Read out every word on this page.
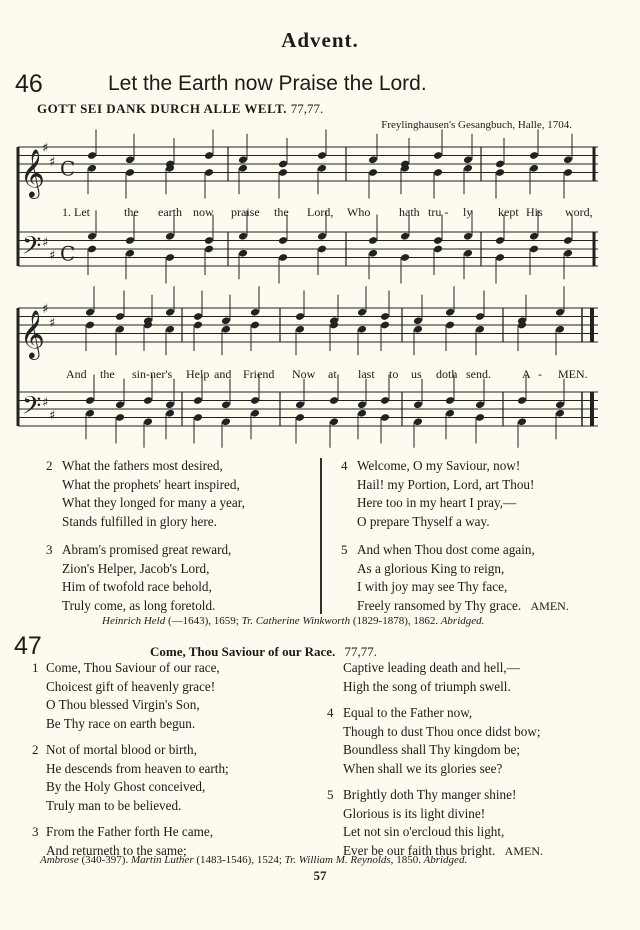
Advent.
46	Let the Earth now Praise the Lord.
GOTT SEI DANK DURCH ALLE WELT. 77,77.
Freylinghausen's Gesangbuch, Halle, 1704.
𝄞
♯
♯
𝄢 ♯
♯
𝄞
♯
♯
𝄢 ♯
♯
C
C
1. Let	the earth now praise the Lord, Who hath tru - ly kept His word,
And the sin-ner's Help and Friend Now at last to us doth send.	A - MEN.
2 What the fathers most desired,
What the prophets' heart inspired,
What they longed for many a year,
Stands fulfilled in glory here.
3 Abram's promised great reward,
Zion's Helper, Jacob's Lord,
Him of twofold race behold,
Truly come, as long foretold.
4 Welcome, O my Saviour, now!
Hail! my Portion, Lord, art Thou!
Here too in my heart I pray,—
O prepare Thyself a way.
5 And when Thou dost come again,
As a glorious King to reign,
I with joy may see Thy face,
Freely ransomed by Thy grace. AMEN.
Heinrich Held (—1643), 1659; Tr. Catherine Winkworth (1829-1878), 1862. Abridged.
47	Come, Thou Saviour of our Race. 77,77.
1 Come, Thou Saviour of our race,
Choicest gift of heavenly grace!
O Thou blessed Virgin's Son,
Be Thy race on earth begun.
2 Not of mortal blood or birth,
He descends from heaven to earth;
By the Holy Ghost conceived,
Truly man to be believed.
3 From the Father forth He came,
And returneth to the same;
Captive leading death and hell,—
High the song of triumph swell.
4 Equal to the Father now,
Though to dust Thou once didst bow;
Boundless shall Thy kingdom be;
When shall we its glories see?
5 Brightly doth Thy manger shine!
Glorious is its light divine!
Let not sin o'ercloud this light,
Ever be our faith thus bright. AMEN.
Ambrose (340-397). Martin Luther (1483-1546), 1524; Tr. William M. Reynolds, 1850. Abridged.
57
